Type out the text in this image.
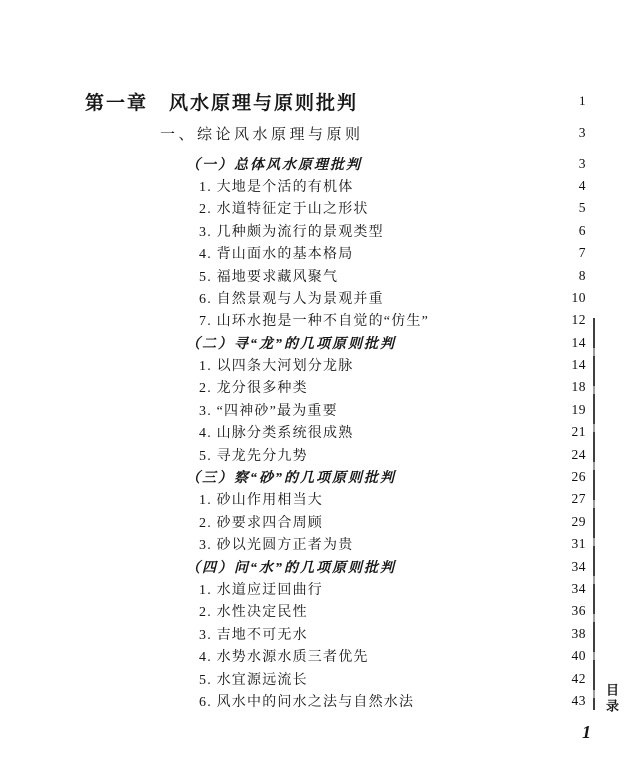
第一章　风水原理与原则批判	1
一、综论风水原理与原则	3
（一）总体风水原理批判	3
1. 大地是个活的有机体	4
2. 水道特征定于山之形状	5
3. 几种颇为流行的景观类型	6
4. 背山面水的基本格局	7
5. 福地要求藏风聚气	8
6. 自然景观与人为景观并重	10
7. 山环水抱是一种不自觉的“仿生”	12
（二）寻“龙”的几项原则批判	14
1. 以四条大河划分龙脉	14
2. 龙分很多种类	18
3. “四神砂”最为重要	19
4. 山脉分类系统很成熟	21
5. 寻龙先分九势	24
（三）察“砂”的几项原则批判	26
1. 砂山作用相当大	27
2. 砂要求四合周顾	29
3. 砂以光圆方正者为贵	31
（四）问“水”的几项原则批判	34
1. 水道应迂回曲行	34
2. 水性决定民性	36
3. 吉地不可无水	38
4. 水势水源水质三者优先	40
5. 水宜源远流长	42
6. 风水中的问水之法与自然水法	43 目录
1
